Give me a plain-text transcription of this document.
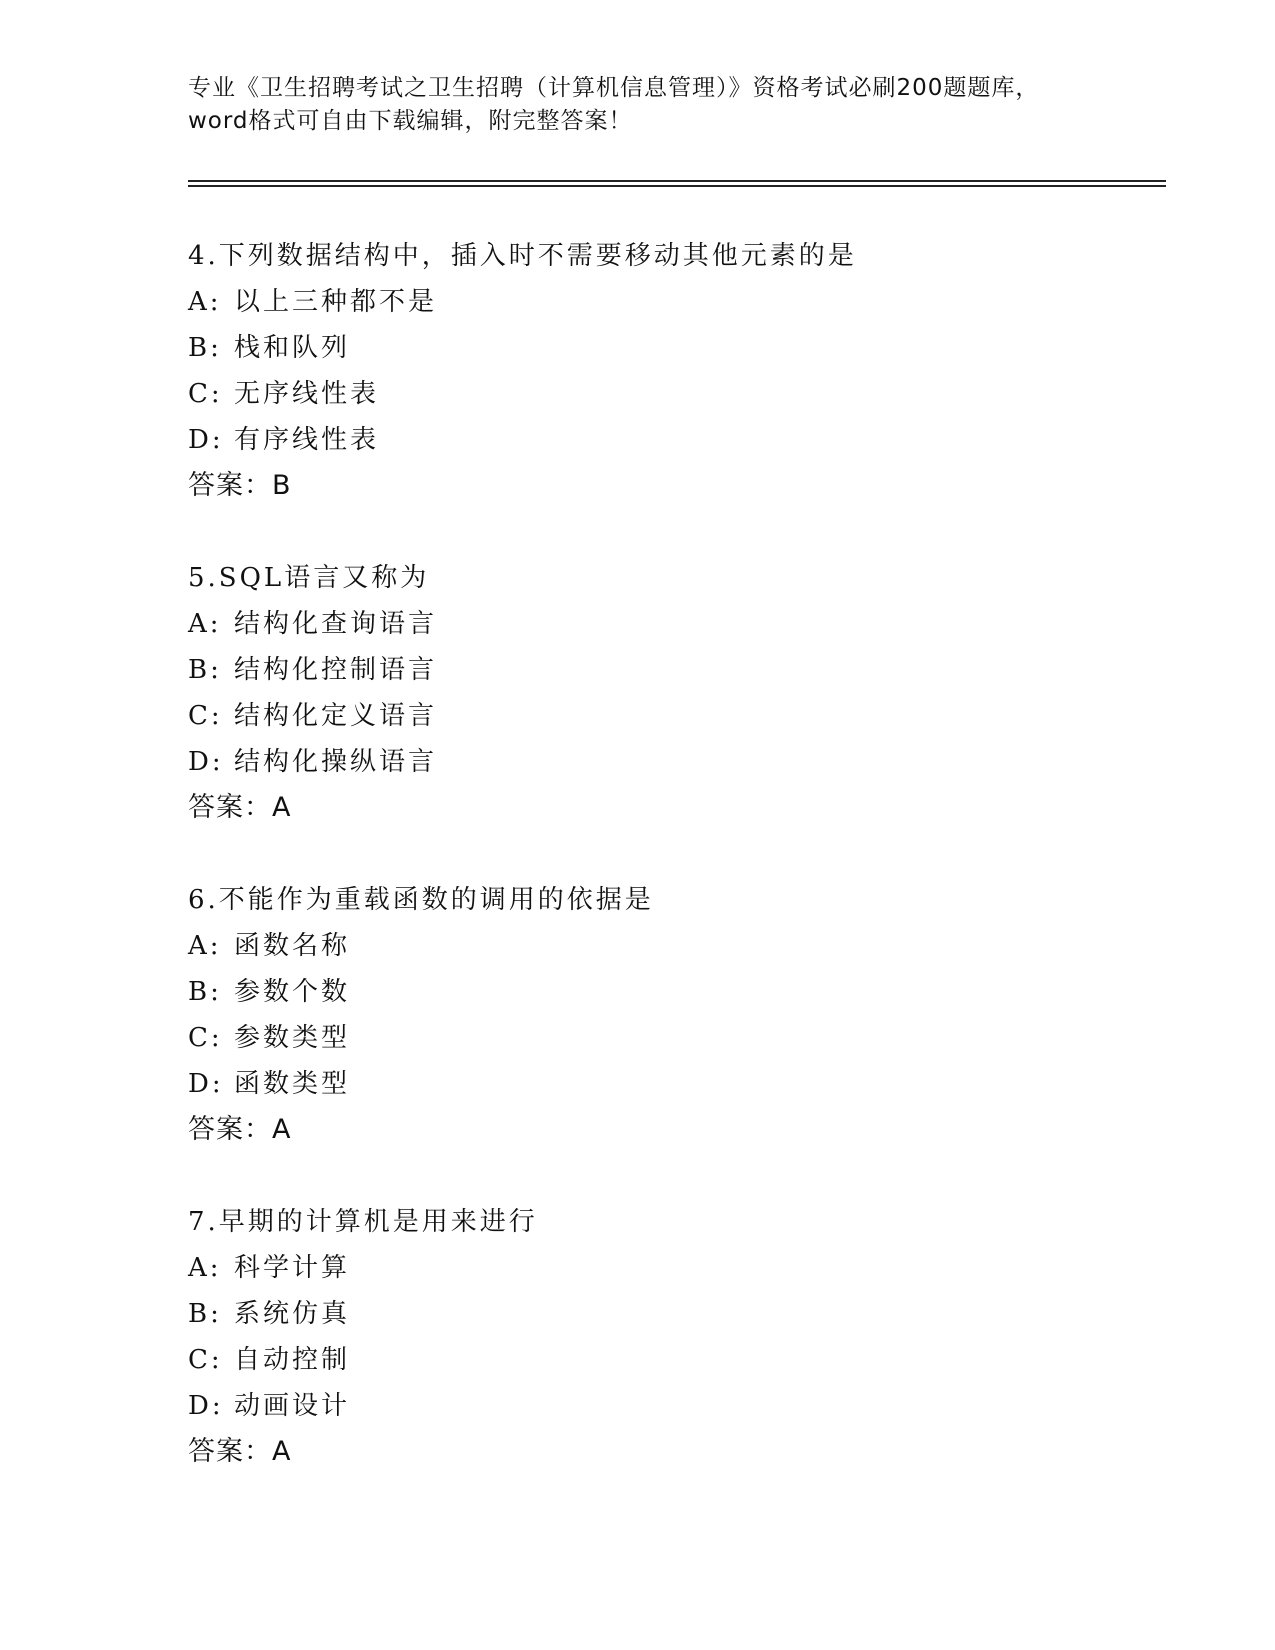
专业《卫生招聘考试之卫生招聘（计算机信息管理）》资格考试必刷200题题库，
word格式可自由下载编辑，附完整答案！
4.下列数据结构中，插入时不需要移动其他元素的是
A: 以上三种都不是
B: 栈和队列
C: 无序线性表
D: 有序线性表
答案：B
5.SQL语言又称为
A: 结构化查询语言
B: 结构化控制语言
C: 结构化定义语言
D: 结构化操纵语言
答案：A
6.不能作为重载函数的调用的依据是
A: 函数名称
B: 参数个数
C: 参数类型
D: 函数类型
答案：A
7.早期的计算机是用来进行
A: 科学计算
B: 系统仿真
C: 自动控制
D: 动画设计
答案：A
